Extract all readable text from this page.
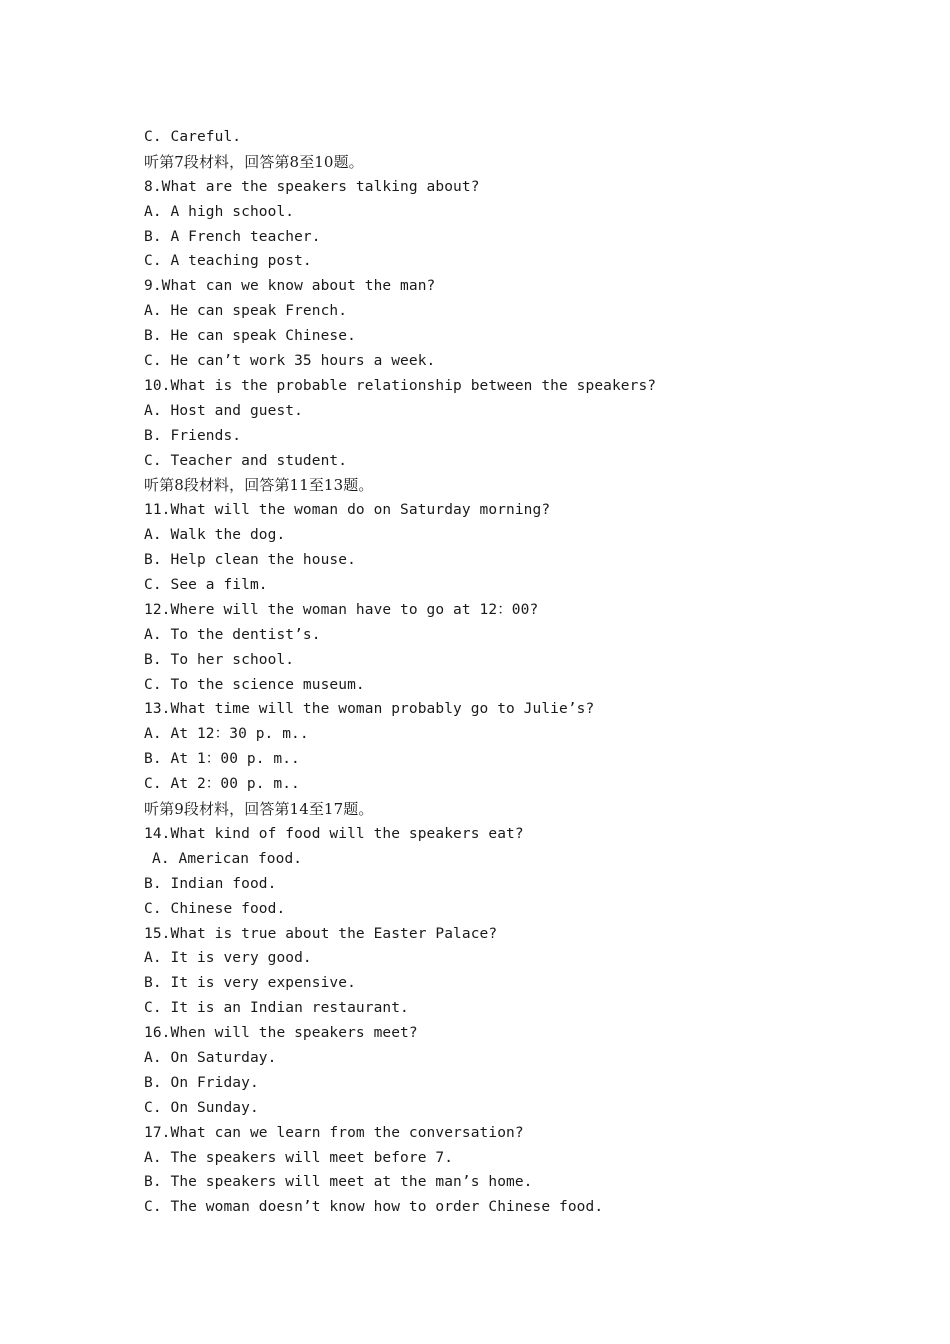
C. Careful.
听第7段材料，回答第8至10题。
8.What are the speakers talking about?
A. A high school.
B. A French teacher.
C. A teaching post.
9.What can we know about the man?
A. He can speak French.
B. He can speak Chinese.
C. He can’t work 35 hours a week.
10.What is the probable relationship between the speakers?
A. Host and guest.
B. Friends.
C. Teacher and student.
听第8段材料，回答第11至13题。
11.What will the woman do on Saturday morning?
A. Walk the dog.
B. Help clean the house.
C. See a film.
12.Where will the woman have to go at 12：00?
A. To the dentist’s.
B. To her school.
C. To the science museum.
13.What time will the woman probably go to Julie’s?
A. At 12：30 p. m..
B. At 1：00 p. m..
C. At 2：00 p. m..
听第9段材料，回答第14至17题。
14.What kind of food will the speakers eat?
A. American food.
B. Indian food.
C. Chinese food.
15.What is true about the Easter Palace?
A. It is very good.
B. It is very expensive.
C. It is an Indian restaurant.
16.When will the speakers meet?
A. On Saturday.
B. On Friday.
C. On Sunday.
17.What can we learn from the conversation?
A. The speakers will meet before 7.
B. The speakers will meet at the man’s home.
C. The woman doesn’t know how to order Chinese food.
